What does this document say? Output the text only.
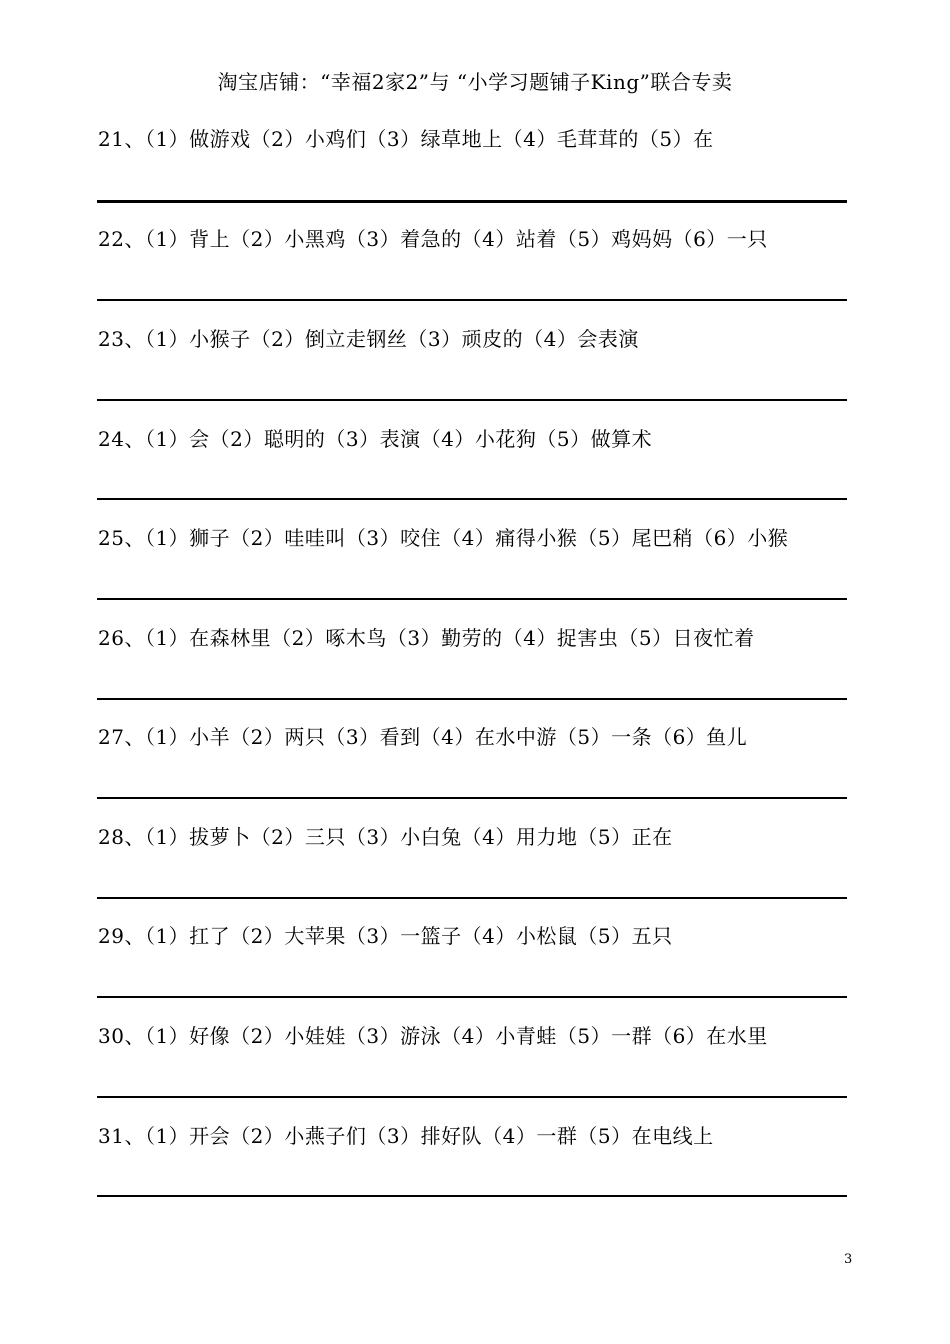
淘宝店铺：“幸福2家2”与 “小学习题铺子King”联合专卖
21、（1）做游戏（2）小鸡们（3）绿草地上（4）毛茸茸的（5）在
22、（1）背上（2）小黑鸡（3）着急的（4）站着（5）鸡妈妈（6）一只
23、（1）小猴子（2）倒立走钢丝（3）顽皮的（4）会表演
24、（1）会（2）聪明的（3）表演（4）小花狗（5）做算术
25、（1）狮子（2）哇哇叫（3）咬住（4）痛得小猴（5）尾巴稍（6）小猴
26、（1）在森林里（2）啄木鸟（3）勤劳的（4）捉害虫（5）日夜忙着
27、（1）小羊（2）两只（3）看到（4）在水中游（5）一条（6）鱼儿
28、（1）拔萝卜（2）三只（3）小白兔（4）用力地（5）正在
29、（1）扛了（2）大苹果（3）一篮子（4）小松鼠（5）五只
30、（1）好像（2）小娃娃（3）游泳（4）小青蛙（5）一群（6）在水里
31、（1）开会（2）小燕子们（3）排好队（4）一群（5）在电线上
3
